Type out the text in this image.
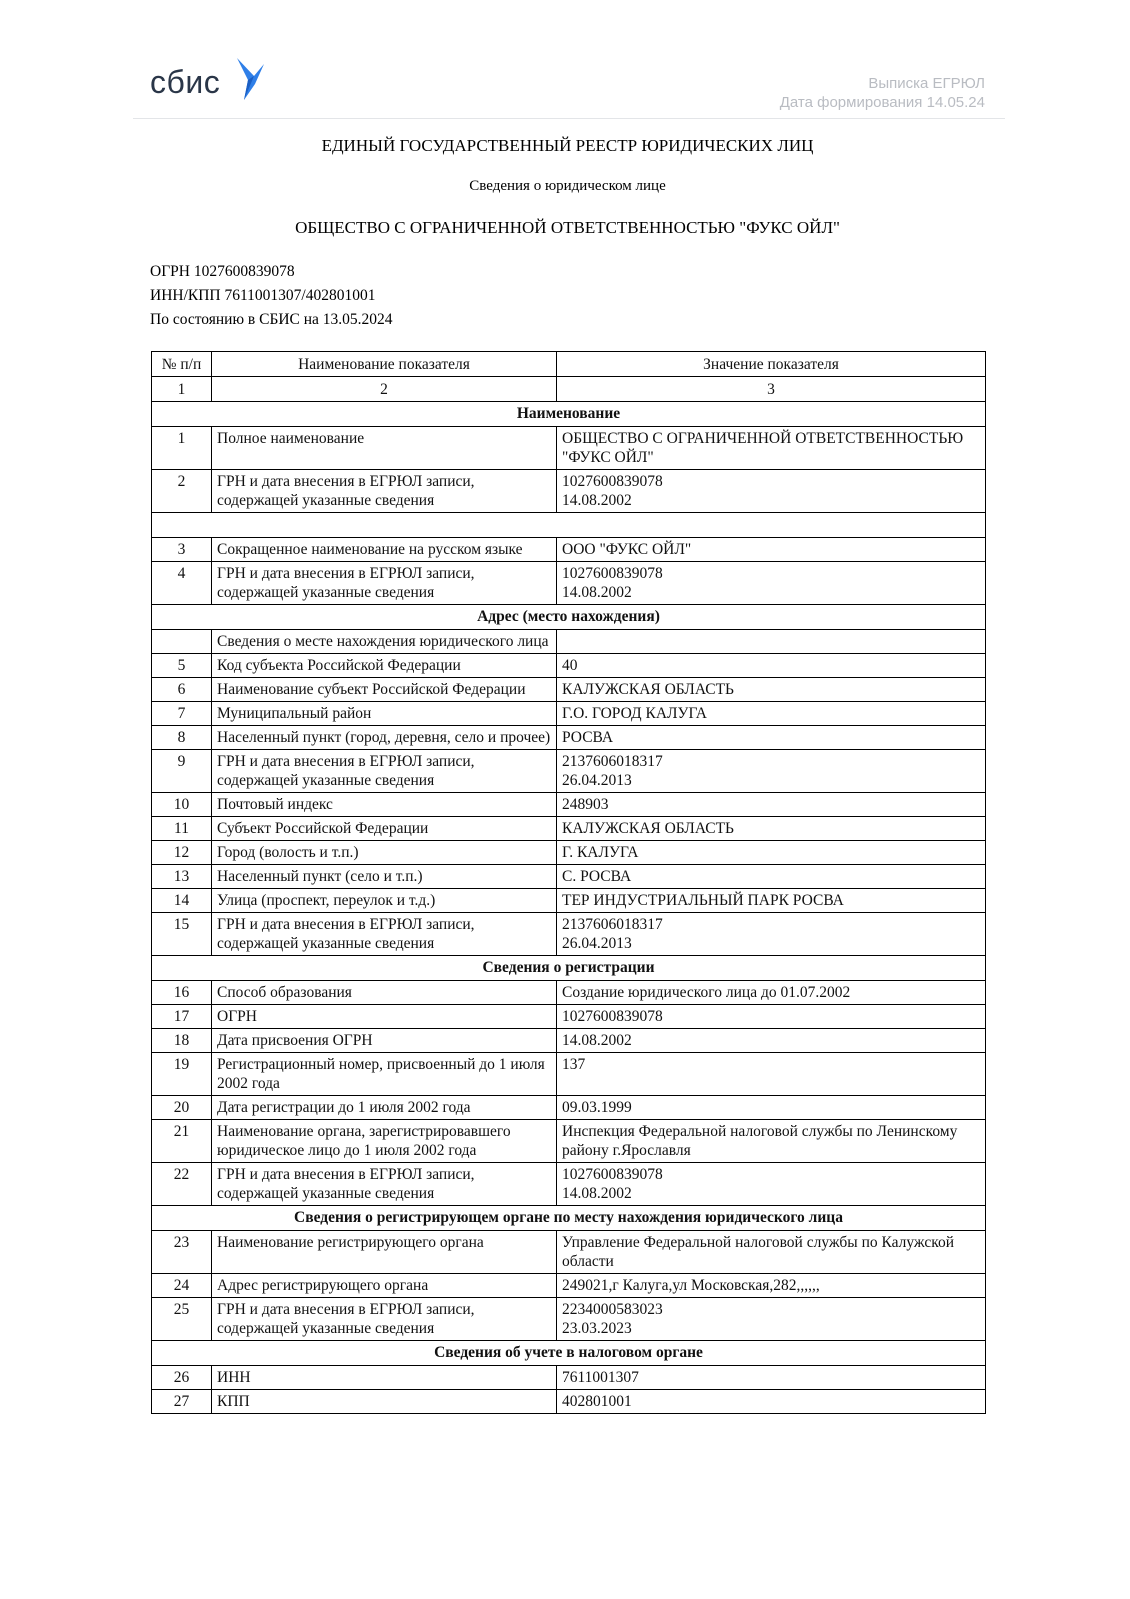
сбис	Выписка ЕГРЮЛ
Дата формирования 14.05.24
ЕДИНЫЙ ГОСУДАРСТВЕННЫЙ РЕЕСТР ЮРИДИЧЕСКИХ ЛИЦ
Сведения о юридическом лице
ОБЩЕСТВО С ОГРАНИЧЕННОЙ ОТВЕТСТВЕННОСТЬЮ "ФУКС ОЙЛ"
ОГРН 1027600839078
ИНН/КПП 7611001307/402801001
По состоянию в СБИС на 13.05.2024
№ п/п	Наименование показателя	Значение показателя
1	2	3
Наименование		
1	Полное наименование	ОБЩЕСТВО С ОГРАНИЧЕННОЙ ОТВЕТСТВЕННОСТЬЮ "ФУКС ОЙЛ"

2	ГРН и дата внесения в ЕГРЮЛ записи, содержащей указанные сведения	1027600839078
14.08.2002

3	Сокращенное наименование на русском языке	ООО "ФУКС ОЙЛ"

4	ГРН и дата внесения в ЕГРЮЛ записи, содержащей указанные сведения	1027600839078
14.08.2002

Адрес (место нахождения)		
	Сведения о месте нахождения юридического лица	

5	Код субъекта Российской Федерации	40

6	Наименование субъект Российской Федерации	КАЛУЖСКАЯ ОБЛАСТЬ

7	Муниципальный район	Г.О. ГОРОД КАЛУГА

8	Населенный пункт (город, деревня, село и прочее)	РОСВА

9	ГРН и дата внесения в ЕГРЮЛ записи, содержащей указанные сведения	2137606018317
26.04.2013

10	Почтовый индекс	248903

11	Субъект Российской Федерации	КАЛУЖСКАЯ ОБЛАСТЬ

12	Город (волость и т.п.)	Г. КАЛУГА

13	Населенный пункт (село и т.п.)	С. РОСВА

14	Улица (проспект, переулок и т.д.)	ТЕР ИНДУСТРИАЛЬНЫЙ ПАРК РОСВА

15	ГРН и дата внесения в ЕГРЮЛ записи, содержащей указанные сведения	2137606018317
26.04.2013

Сведения о регистрации		
16	Способ образования	Создание юридического лица до 01.07.2002

17	ОГРН	1027600839078

18	Дата присвоения ОГРН	14.08.2002

19	Регистрационный номер, присвоенный до 1 июля 2002 года	137

20	Дата регистрации до 1 июля 2002 года	09.03.1999

21	Наименование органа, зарегистрировавшего юридическое лицо до 1 июля 2002 года	Инспекция Федеральной налоговой службы по Ленинскому району г.Ярославля

22	ГРН и дата внесения в ЕГРЮЛ записи, содержащей указанные сведения	1027600839078
14.08.2002

Сведения о регистрирующем органе по месту нахождения юридического лица		
23	Наименование регистрирующего органа	Управление Федеральной налоговой службы по Калужской области

24	Адрес регистрирующего органа	249021,г Калуга,ул Московская,282,,,,,,

25	ГРН и дата внесения в ЕГРЮЛ записи, содержащей указанные сведения	2234000583023
23.03.2023

Сведения об учете в налоговом органе		
26	ИНН	7611001307

27	КПП	402801001
